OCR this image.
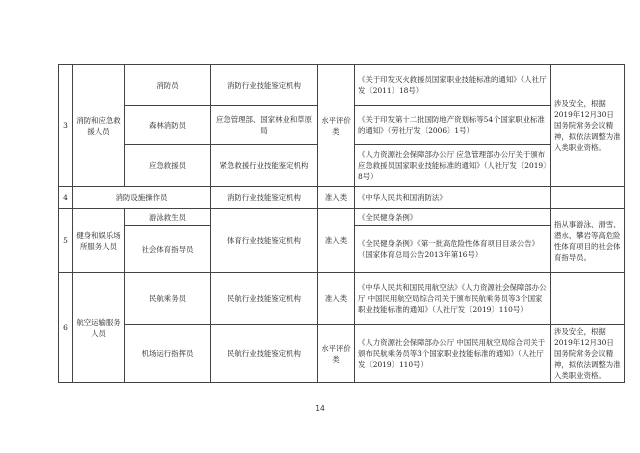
3	消防和应急救援人员	消防员	消防行业技能鉴定机构	水平评价类	《关于印发灭火救援员国家职业技能标准的通知》（人社厅发〔2011〕18号）	涉及安全，根据2019年12月30日国务院常务会议精神，拟依法调整为准入类职业资格。
		森林消防员	应急管理部、国家林业和草原局		《关于印发第十二批国防地产资划标等54个国家职业标准的通知》（劳社厅发〔2006〕1号）	
		应急救援员	紧急救援行业技能鉴定机构		《人力资源社会保障部办公厅 应急管理部办公厅关于颁布应急救援员国家职业技能标准的通知》（人社厅发〔2019〕8号）	
4	消防设施操作员		消防行业技能鉴定机构	准入类	《中华人民共和国消防法》	
5	健身和娱乐场所服务人员	游泳救生员	体育行业技能鉴定机构	准入类	《全民健身条例》	指从事游泳、滑雪、潜水、攀岩等高危险性体育项目的社会体育指导员。
		社会体育指导员			《全民健身条例》《第一批高危险性体育项目目录公告》（国家体育总局公告2013年第16号）	
6	航空运输服务人员	民航乘务员	民航行业技能鉴定机构	准入类	《中华人民共和国民用航空法》《人力资源社会保障部办公厅 中国民用航空局综合司关于颁布民航乘务员等3个国家职业技能标准的通知》（人社厅发〔2019〕110号）	
		机场运行指挥员	民航行业技能鉴定机构	水平评价类	《人力资源社会保障部办公厅 中国民用航空局综合司关于颁布民航乘务员等3个国家职业技能标准的通知》（人社厅发〔2019〕110号）	涉及安全，根据2019年12月30日国务院常务会议精神，拟依法调整为准入类职业资格。
14
